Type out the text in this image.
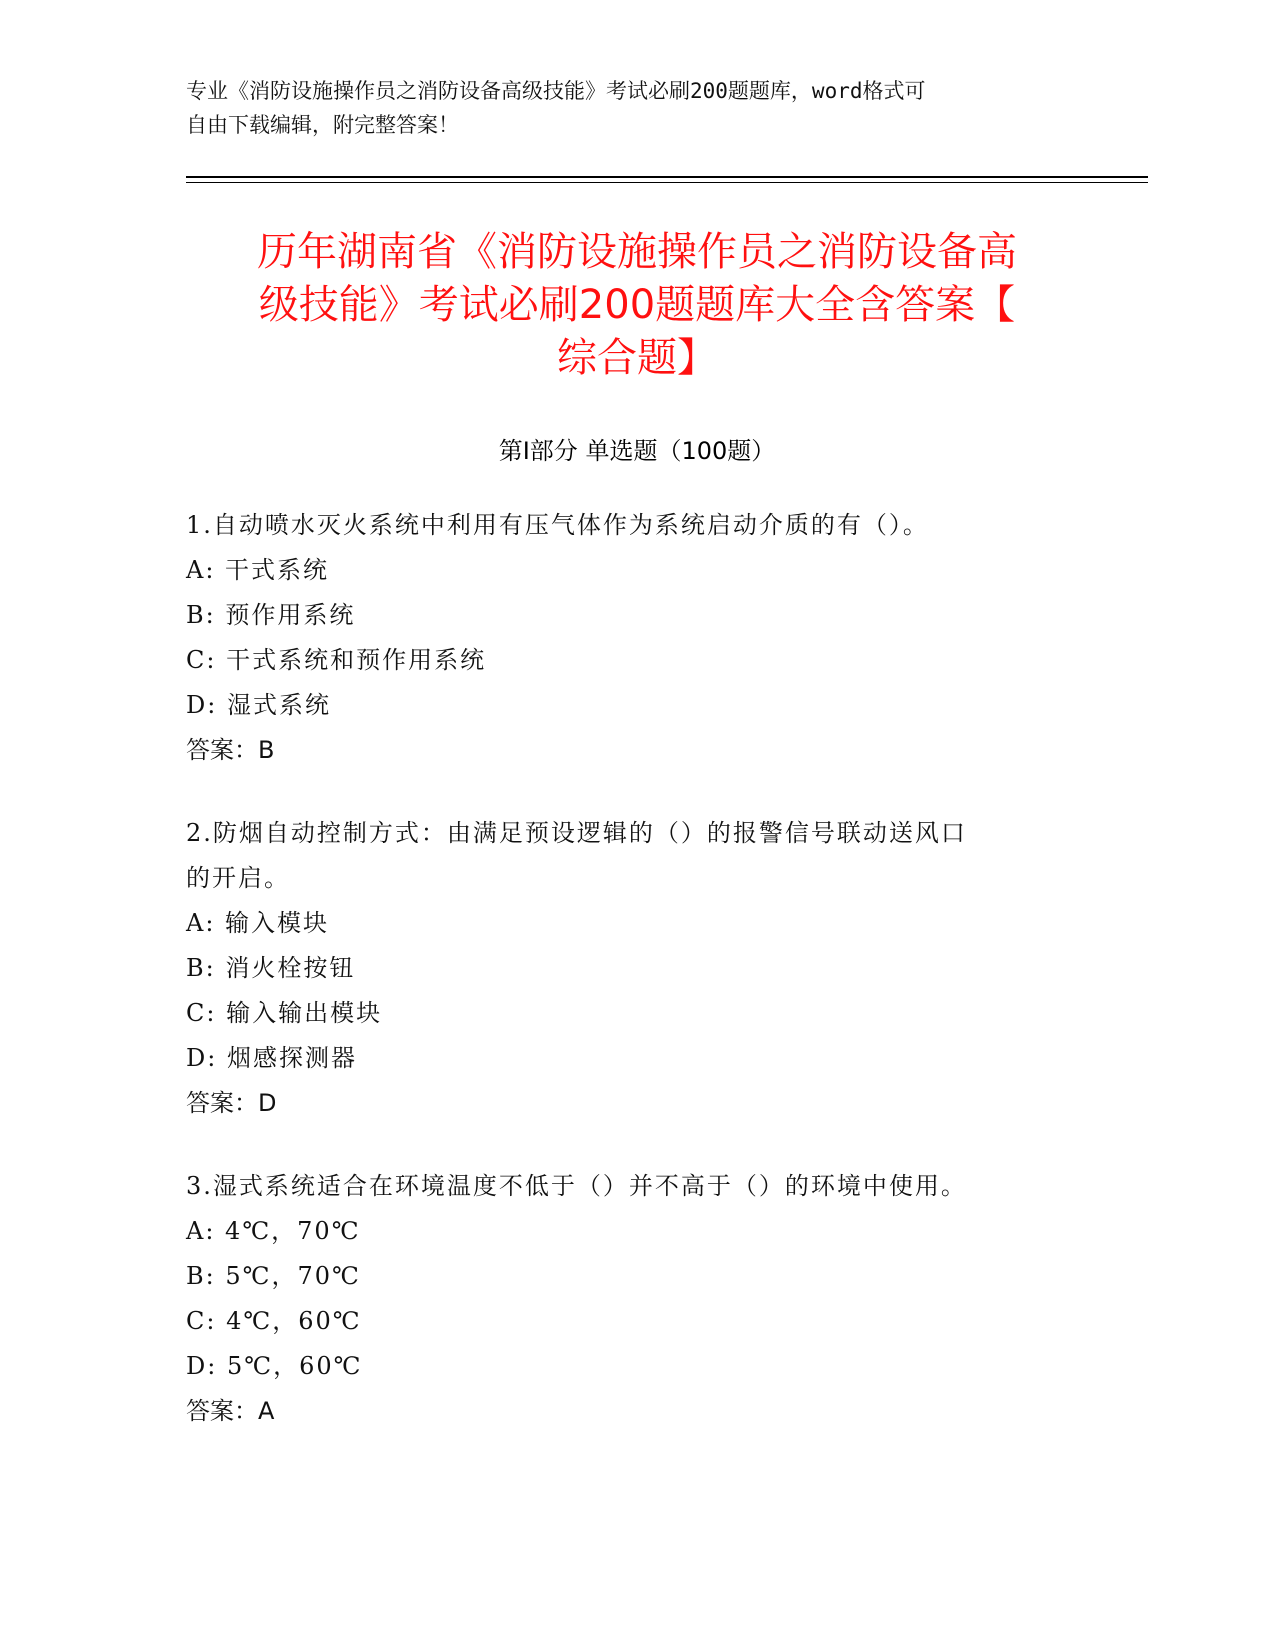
专业《消防设施操作员之消防设备高级技能》考试必刷200题题库，word格式可
自由下载编辑，附完整答案！
历年湖南省《消防设施操作员之消防设备高
级技能》考试必刷200题题库大全含答案【
综合题】
第Ⅰ部分 单选题（100题）
1.自动喷水灭火系统中利用有压气体作为系统启动介质的有（）。
A: 干式系统
B: 预作用系统
C: 干式系统和预作用系统
D: 湿式系统
答案：B
2.防烟自动控制方式：由满足预设逻辑的（）的报警信号联动送风口
的开启。
A: 输入模块
B: 消火栓按钮
C: 输入输出模块
D: 烟感探测器
答案：D
3.湿式系统适合在环境温度不低于（）并不高于（）的环境中使用。
A: 4℃，70℃
B: 5℃，70℃
C: 4℃，60℃
D: 5℃，60℃
答案：A
